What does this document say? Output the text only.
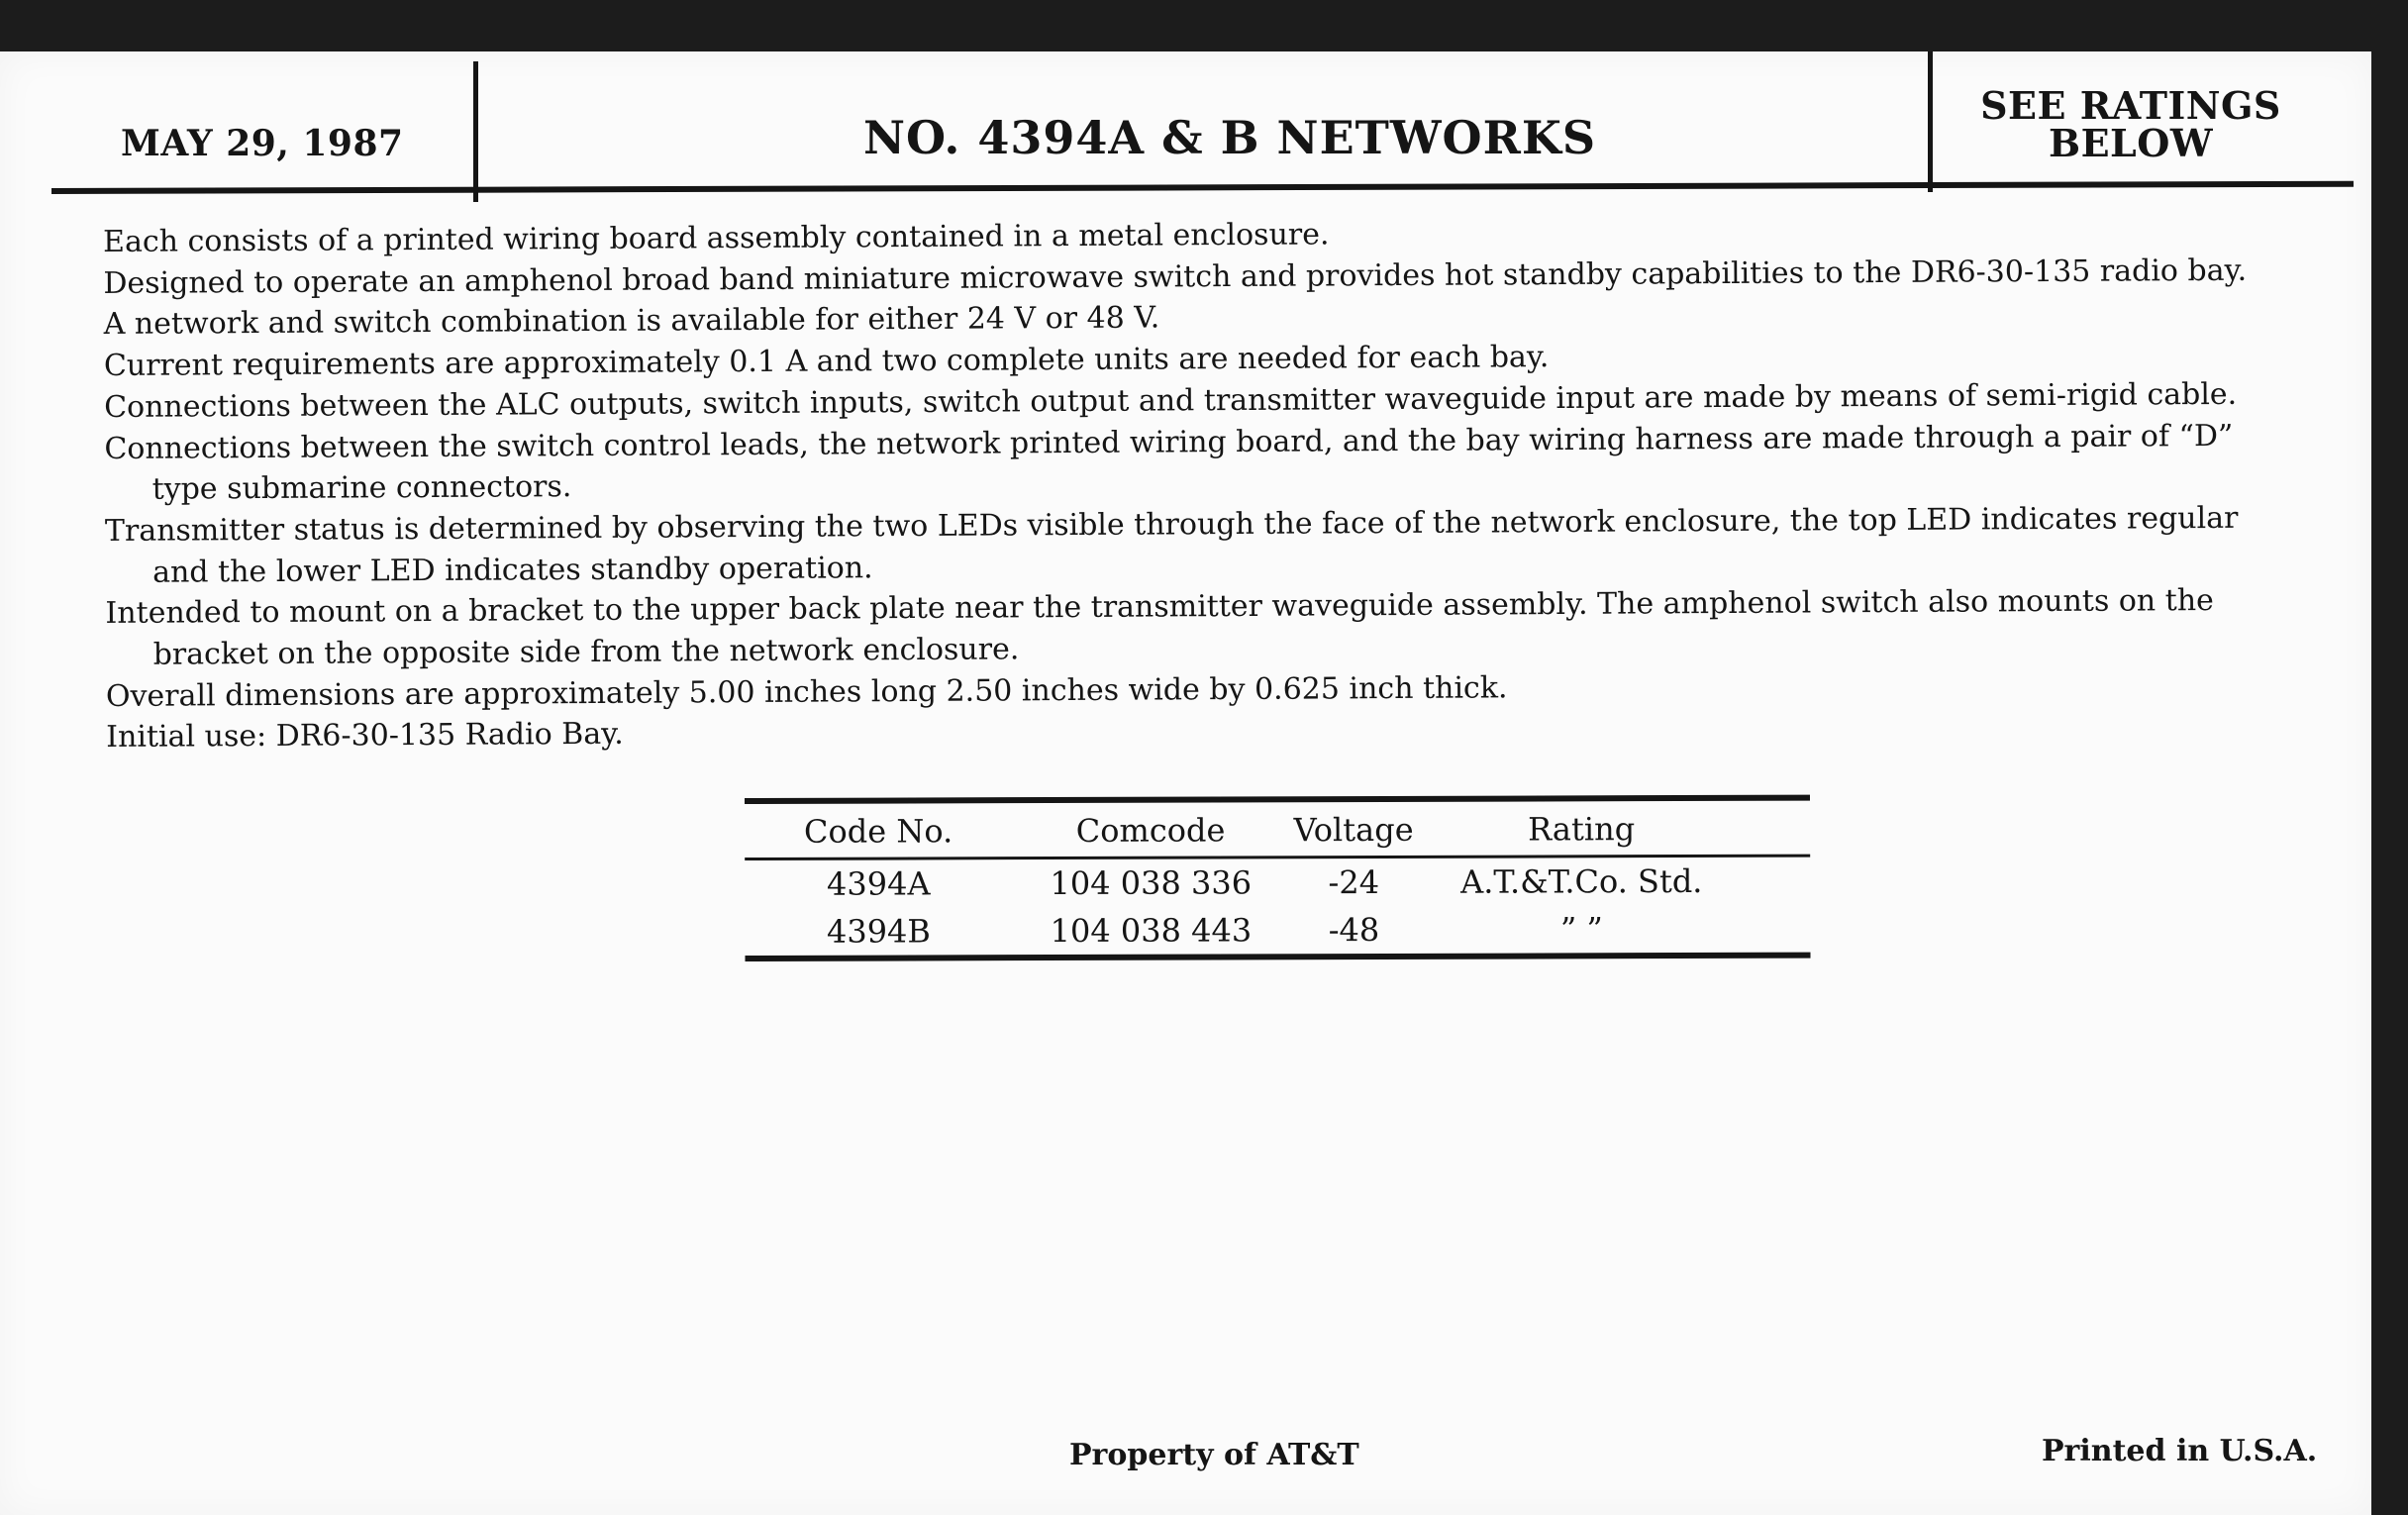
MAY 29, 1987	NO. 4394A & B NETWORKS
SEE RATINGS
BELOW

Each consists of a printed wiring board assembly contained in a metal enclosure.

Designed to operate an amphenol broad band miniature microwave switch and provides hot standby capabilities to the DR6-30-135 radio bay.

A network and switch combination is available for either 24 V or 48 V.

Current requirements are approximately 0.1 A and two complete units are needed for each bay.

Connections between the ALC outputs, switch inputs, switch output and transmitter waveguide input are made by means of semi-rigid cable.

Connections between the switch control leads, the network printed wiring board, and the bay wiring harness are made through a pair of “D” type submarine connectors.

Transmitter status is determined by observing the two LEDs visible through the face of the network enclosure, the top LED indicates regular and the lower LED indicates standby operation.

Intended to mount on a bracket to the upper back plate near the transmitter waveguide assembly. The amphenol switch also mounts on the bracket on the opposite side from the network enclosure.

Overall dimensions are approximately 5.00 inches long 2.50 inches wide by 0.625 inch thick.

Initial use: DR6-30-135 Radio Bay.

Code No.	Comcode	Voltage	Rating
4394A	104 038 336	-24	A.T.&T.Co. Std.
4394B	104 038 443	-48	” ”
Property of AT&T	Printed in U.S.A.
